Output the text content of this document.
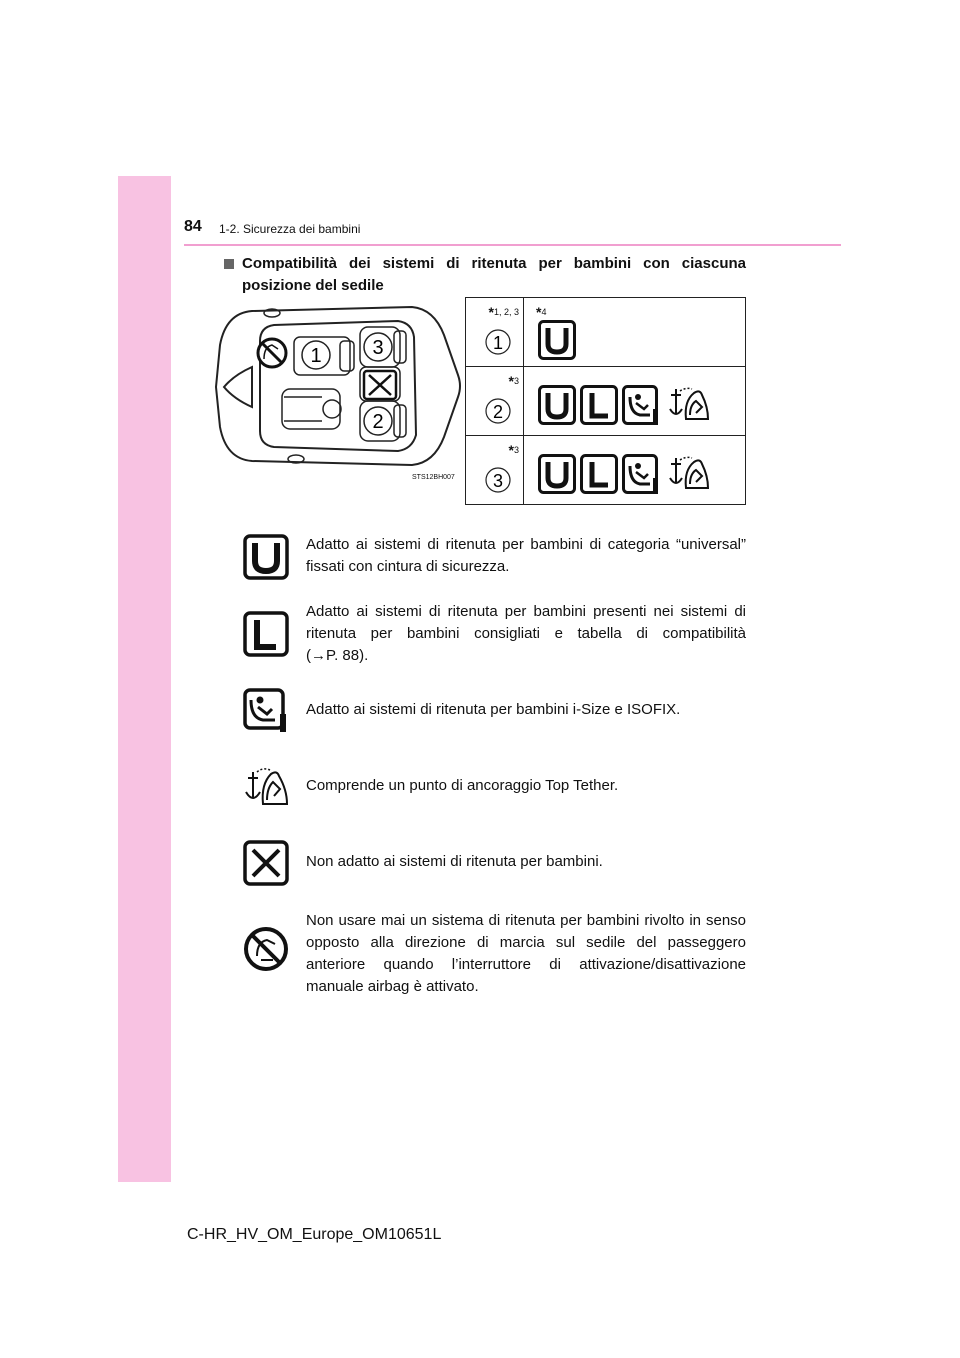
84 1-2. Sicurezza dei bambini
Compatibilità dei sistemi di ritenuta per bambini con ciascuna posizione del sedile
1	3
2
STS12BH007
*1, 2, 3
1
*4
*3
2
*3
3
Adatto ai sistemi di ritenuta per bambini di categoria “universal” fissati con cintura di sicurezza.
Adatto ai sistemi di ritenuta per bambini presenti nei sistemi di ritenuta per bambini consigliati e tabella di compatibilità
(→P. 88).
Adatto ai sistemi di ritenuta per bambini i-Size e ISOFIX.
Comprende un punto di ancoraggio Top Tether.
Non adatto ai sistemi di ritenuta per bambini.
Non usare mai un sistema di ritenuta per bambini rivolto in senso opposto alla direzione di marcia sul sedile del passeggero anteriore quando l’interruttore di attivazione/disattivazione manuale airbag è attivato.
C-HR_HV_OM_Europe_OM10651L
